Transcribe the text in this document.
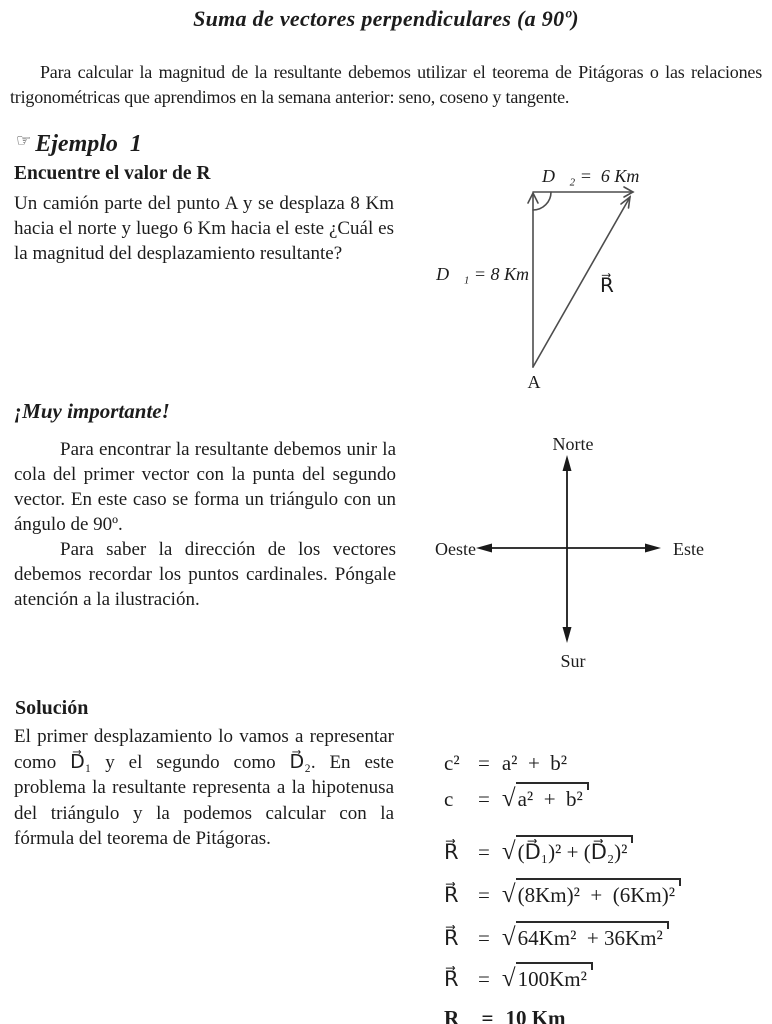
Suma de vectores perpendiculares (a 90º)

Para calcular la magnitud de la resultante debemos utilizar el teorema de Pitágoras o las relaciones trigonométricas que aprendimos en la semana anterior: seno, coseno y tangente.

☞ Ejemplo  1
Encuentre el valor de R⃗

Un camión parte del punto A y se desplaza 8 Km hacia el norte y luego 6 Km hacia el este ¿Cuál es la magnitud del desplazamiento resultante?

D⃗₂ =  6 Km
D⃗₁ = 8 Km
R⃗
A
¡Muy importante!

Para encontrar la resultante debemos unir la cola del primer vector con la punta del segundo vector. En este caso se forma un triángulo con un ángulo de 90º.

Para saber la dirección de los vectores debemos recordar los puntos cardinales. Póngale atención a la ilustración.

Norte
Sur
Este
Oeste
Solución

El primer desplazamiento lo vamos a representar como D⃗₁ y el segundo como D⃗₂. En este problema la resultante representa a la hipotenusa del triángulo y la podemos calcular con la fórmula del teorema de Pitágoras.

c² = a²  +  b²
c	= √ a²  +  b²
R⃗ = √ (D⃗₁)² + (D⃗₂)²
R⃗ = √ (8Km)²  +  (6Km)²
R⃗ = √ 64Km²  + 36Km²
R⃗ = √ 100Km²
R⃗ = 10 Km
